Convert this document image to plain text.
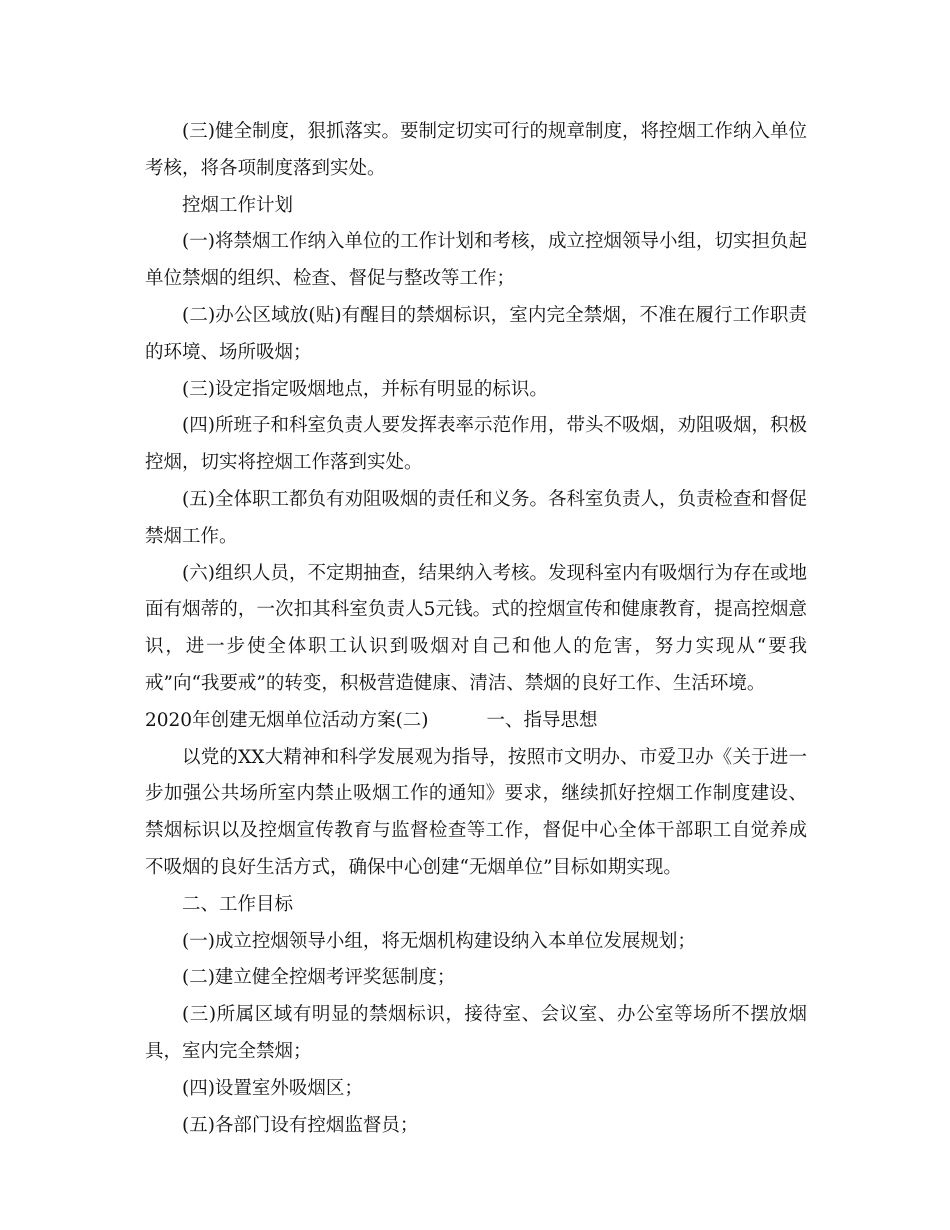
(三)健全制度，狠抓落实。要制定切实可行的规章制度，将控烟工作纳入单位考核，将各项制度落到实处。

控烟工作计划

(一)将禁烟工作纳入单位的工作计划和考核，成立控烟领导小组，切实担负起单位禁烟的组织、检查、督促与整改等工作；

(二)办公区域放(贴)有醒目的禁烟标识，室内完全禁烟，不准在履行工作职责的环境、场所吸烟；

(三)设定指定吸烟地点，并标有明显的标识。

(四)所班子和科室负责人要发挥表率示范作用，带头不吸烟，劝阻吸烟，积极控烟，切实将控烟工作落到实处。

(五)全体职工都负有劝阻吸烟的责任和义务。各科室负责人，负责检查和督促禁烟工作。

(六)组织人员，不定期抽查，结果纳入考核。发现科室内有吸烟行为存在或地面有烟蒂的，一次扣其科室负责人5元钱。式的控烟宣传和健康教育，提高控烟意识，进一步使全体职工认识到吸烟对自己和他人的危害，努力实现从“要我戒”向“我要戒”的转变，积极营造健康、清洁、禁烟的良好工作、生活环境。

2020年创建无烟单位活动方案(二)	一、指导思想

以党的XX大精神和科学发展观为指导，按照市文明办、市爱卫办《关于进一步加强公共场所室内禁止吸烟工作的通知》要求，继续抓好控烟工作制度建设、禁烟标识以及控烟宣传教育与监督检查等工作，督促中心全体干部职工自觉养成不吸烟的良好生活方式，确保中心创建“无烟单位”目标如期实现。

二、工作目标

(一)成立控烟领导小组，将无烟机构建设纳入本单位发展规划；

(二)建立健全控烟考评奖惩制度；

(三)所属区域有明显的禁烟标识，接待室、会议室、办公室等场所不摆放烟具，室内完全禁烟；

(四)设置室外吸烟区；

(五)各部门设有控烟监督员；
